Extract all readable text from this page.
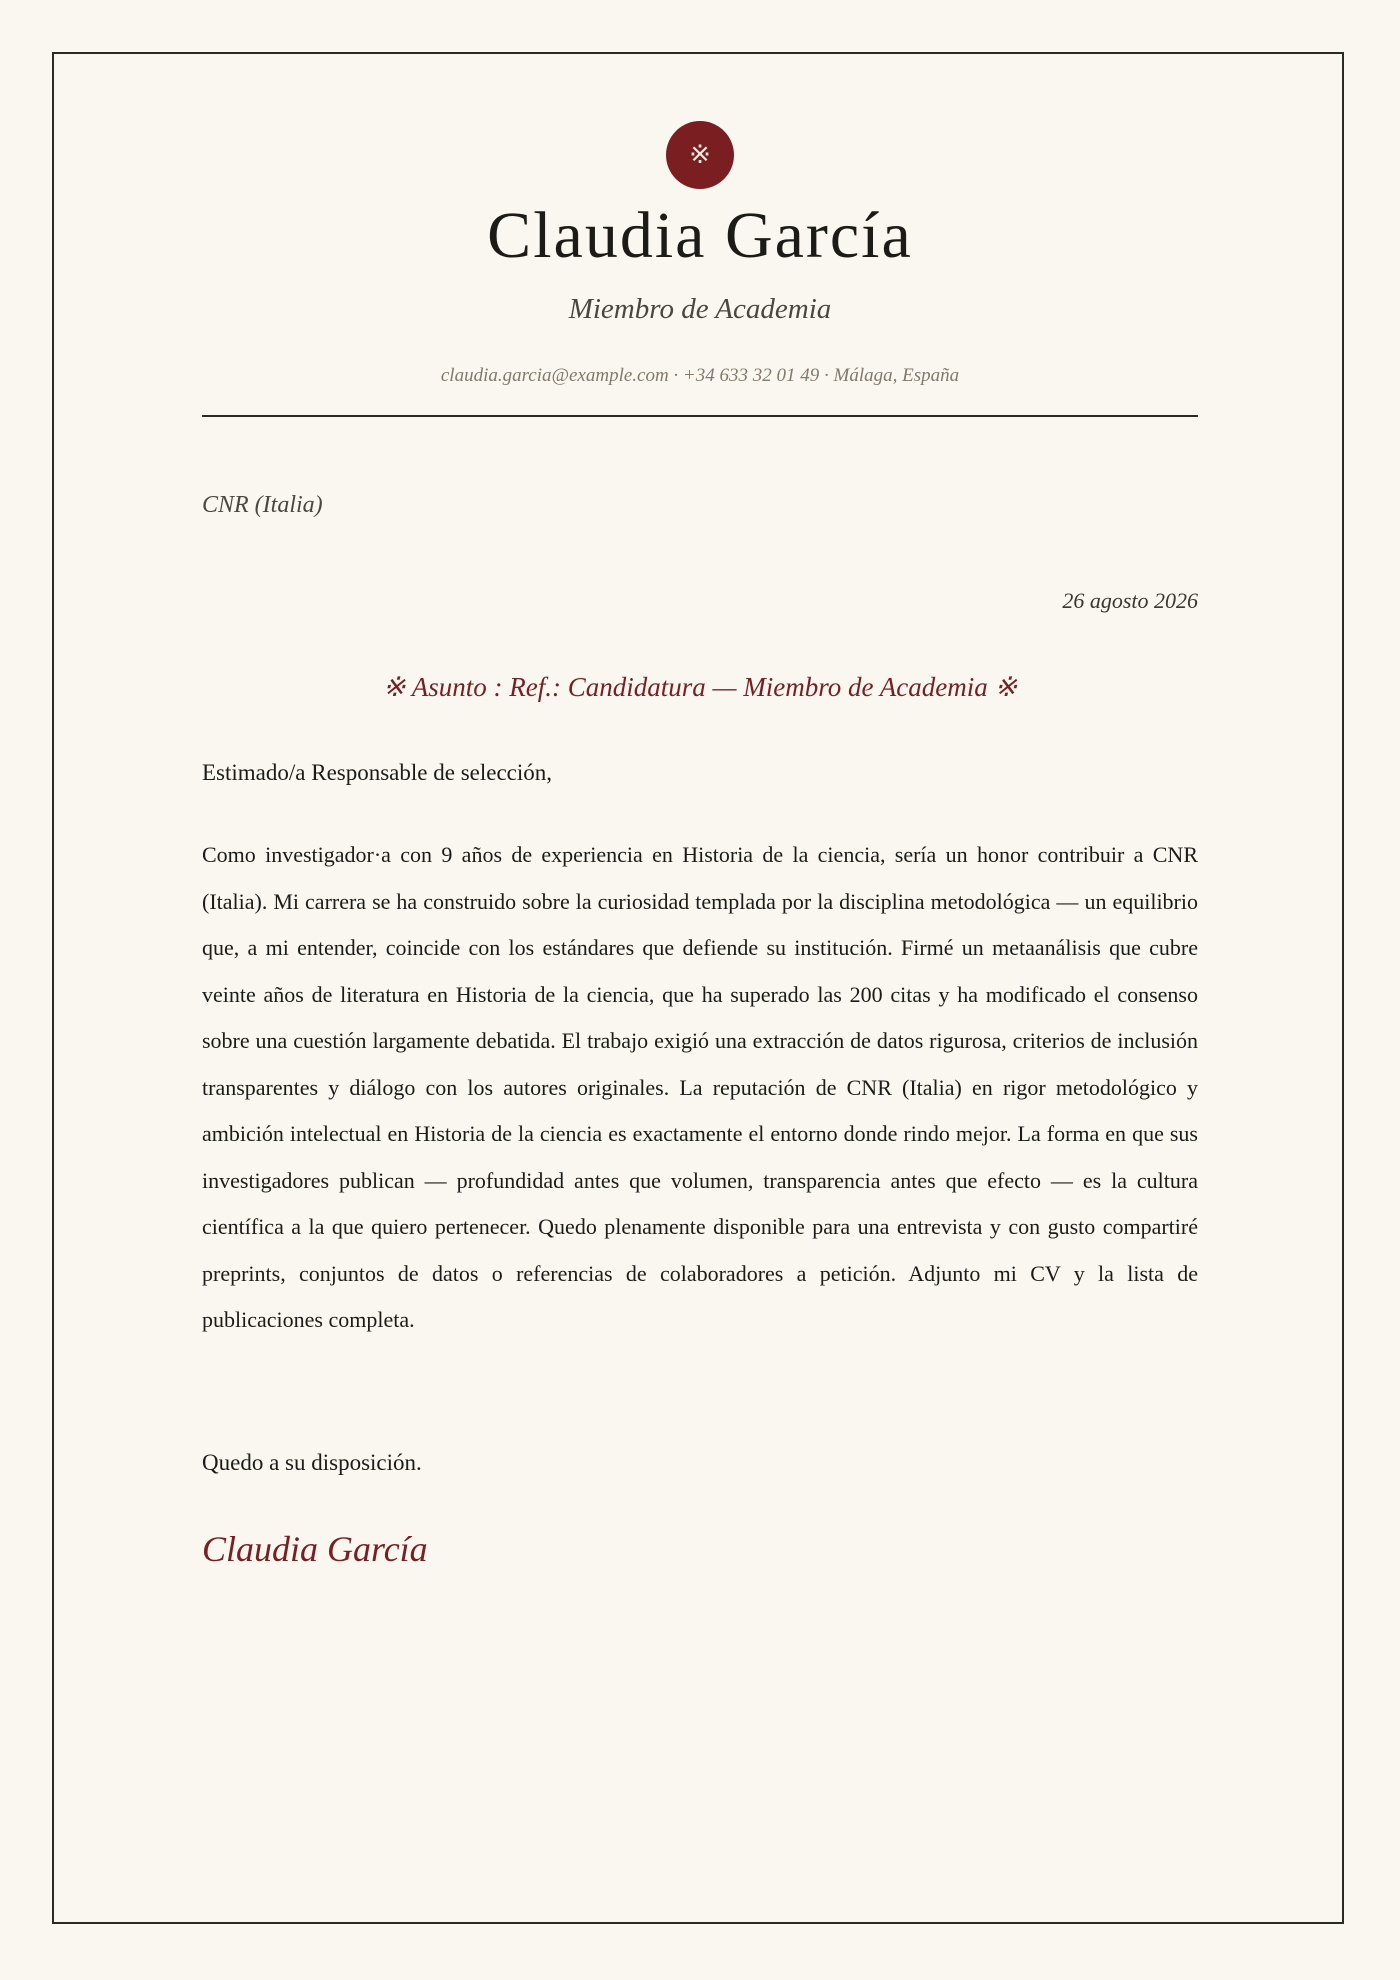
※
Claudia García
Miembro de Academia
claudia.garcia@example.com · +34 633 32 01 49 · Málaga, España
CNR (Italia)
26 agosto 2026
※ Asunto : Ref.: Candidatura — Miembro de Academia ※
Estimado/a Responsable de selección,

Como investigador·a con 9 años de experiencia en Historia de la ciencia, sería un honor contribuir a CNR (Italia). Mi carrera se ha construido sobre la curiosidad templada por la disciplina metodológica — un equilibrio que, a mi entender, coincide con los estándares que defiende su institución. Firmé un metaanálisis que cubre veinte años de literatura en Historia de la ciencia, que ha superado las 200 citas y ha modificado el consenso sobre una cuestión largamente debatida. El trabajo exigió una extracción de datos rigurosa, criterios de inclusión transparentes y diálogo con los autores originales. La reputación de CNR (Italia) en rigor metodológico y ambición intelectual en Historia de la ciencia es exactamente el entorno donde rindo mejor. La forma en que sus investigadores publican — profundidad antes que volumen, transparencia antes que efecto — es la cultura científica a la que quiero pertenecer. Quedo plenamente disponible para una entrevista y con gusto compartiré preprints, conjuntos de datos o referencias de colaboradores a petición. Adjunto mi CV y la lista de publicaciones completa.

Quedo a su disposición.
Claudia García
